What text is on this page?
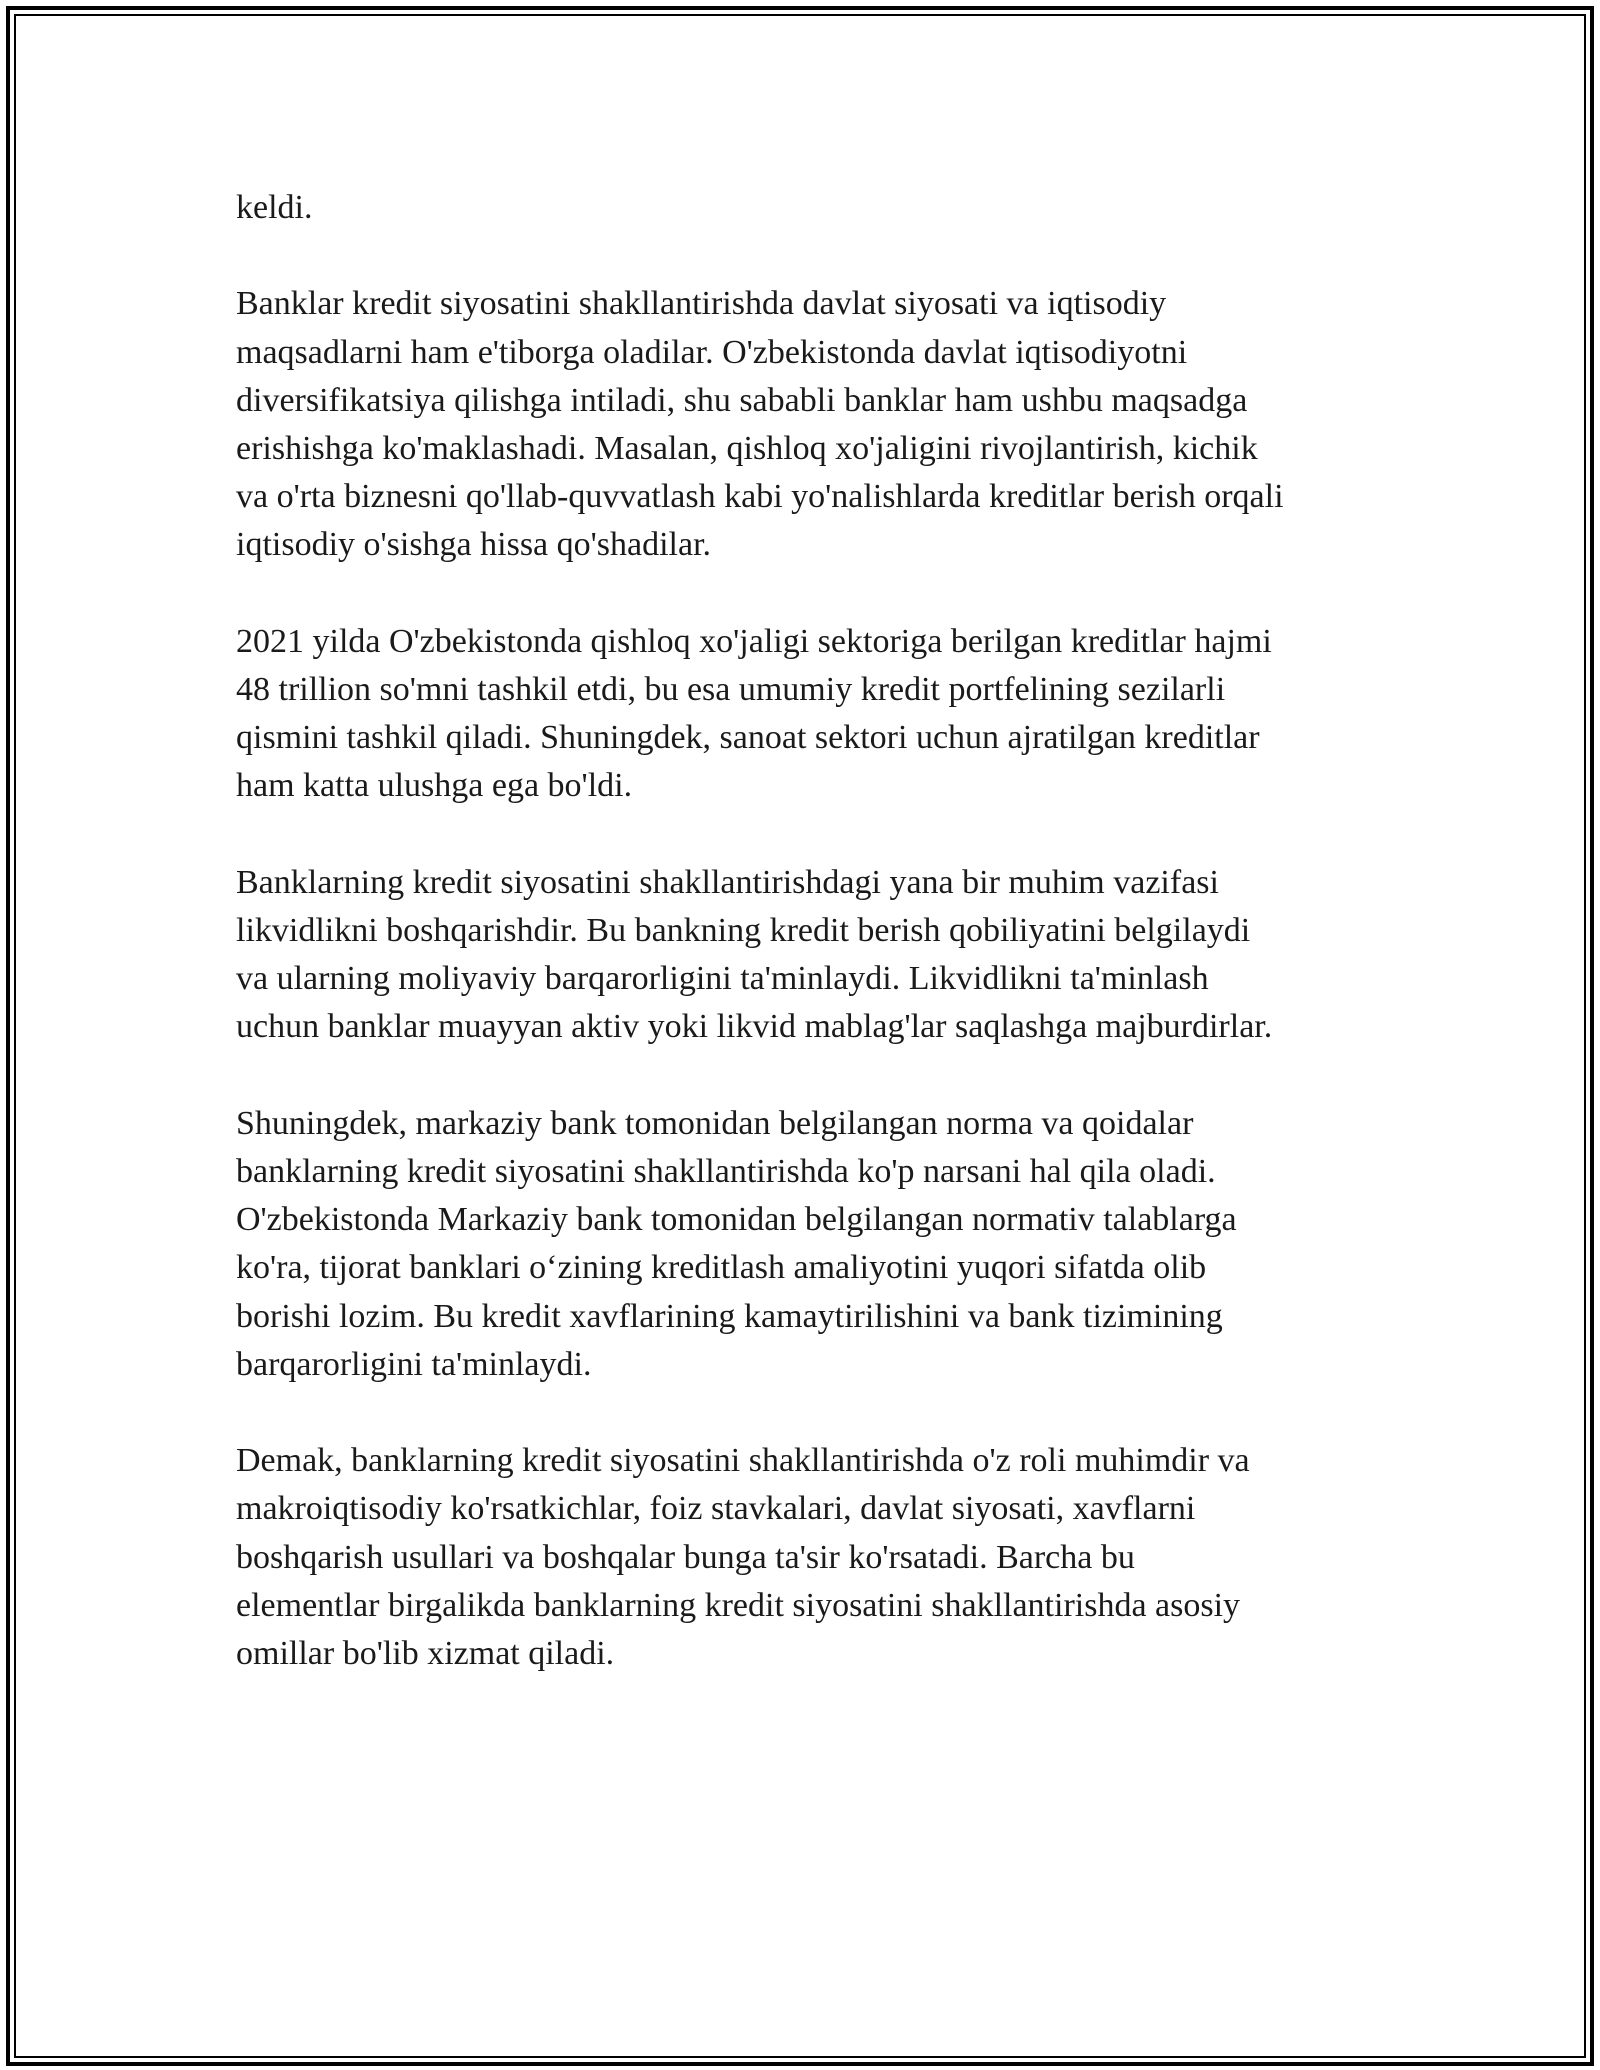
keldi.

Banklar kredit siyosatini shakllantirishda davlat siyosati va iqtisodiy
maqsadlarni ham e'tiborga oladilar. O'zbekistonda davlat iqtisodiyotni
diversifikatsiya qilishga intiladi, shu sababli banklar ham ushbu maqsadga
erishishga ko'maklashadi. Masalan, qishloq xo'jaligini rivojlantirish, kichik
va o'rta biznesni qo'llab-quvvatlash kabi yo'nalishlarda kreditlar berish orqali
iqtisodiy o'sishga hissa qo'shadilar.

2021 yilda O'zbekistonda qishloq xo'jaligi sektoriga berilgan kreditlar hajmi
48 trillion so'mni tashkil etdi, bu esa umumiy kredit portfelining sezilarli
qismini tashkil qiladi. Shuningdek, sanoat sektori uchun ajratilgan kreditlar
ham katta ulushga ega bo'ldi.

Banklarning kredit siyosatini shakllantirishdagi yana bir muhim vazifasi
likvidlikni boshqarishdir. Bu bankning kredit berish qobiliyatini belgilaydi
va ularning moliyaviy barqarorligini ta'minlaydi. Likvidlikni ta'minlash
uchun banklar muayyan aktiv yoki likvid mablag'lar saqlashga majburdirlar.

Shuningdek, markaziy bank tomonidan belgilangan norma va qoidalar
banklarning kredit siyosatini shakllantirishda ko'p narsani hal qila oladi.
O'zbekistonda Markaziy bank tomonidan belgilangan normativ talablarga
ko'ra, tijorat banklari o‘zining kreditlash amaliyotini yuqori sifatda olib
borishi lozim. Bu kredit xavflarining kamaytirilishini va bank tizimining
barqarorligini ta'minlaydi.

Demak, banklarning kredit siyosatini shakllantirishda o'z roli muhimdir va
makroiqtisodiy ko'rsatkichlar, foiz stavkalari, davlat siyosati, xavflarni
boshqarish usullari va boshqalar bunga ta'sir ko'rsatadi. Barcha bu
elementlar birgalikda banklarning kredit siyosatini shakllantirishda asosiy
omillar bo'lib xizmat qiladi.
